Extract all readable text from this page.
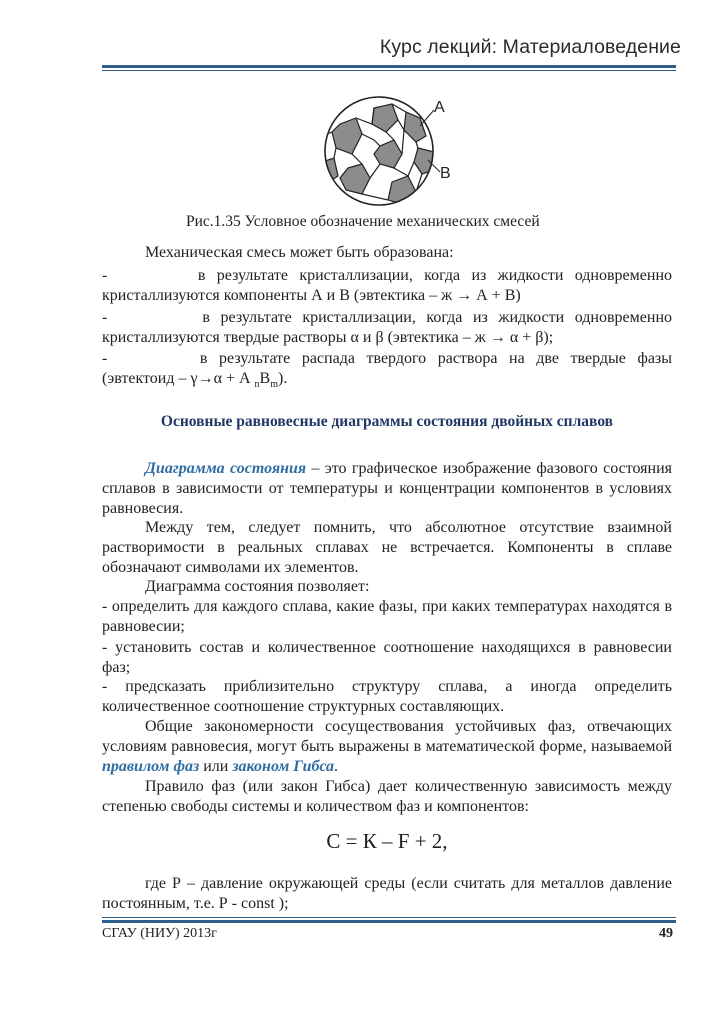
Курс лекций: Материаловедение
A
B
Рис.1.35 Условное обозначение механических смесей
Механическая смесь может быть образована:
-        в результате кристаллизации, когда из жидкости одновременно
кристаллизуются компоненты А и В (эвтектика – ж → А + В)
-         в результате кристаллизации, когда из жидкости одновременно
кристаллизуются твердые растворы α и β (эвтектика – ж → α + β);
-        в результате распада твердого раствора на две твердые фазы
(эвтектоид – γ→α + А $_nВ_m$).
Основные равновесные диаграммы состояния двойных сплавов

Диаграмма состояния – это графическое изображение фазового состояния сплавов в зависимости от температуры и концентрации компонентов в условиях равновесия.

Между тем, следует помнить, что абсолютное отсутствие взаимной растворимости в реальных сплавах не встречается. Компоненты в сплаве обозначают символами их элементов.

Диаграмма состояния позволяет:

- определить для каждого сплава, какие фазы, при каких температурах находятся в равновесии;

- установить состав и количественное соотношение находящихся в равновесии фаз;

- предсказать приблизительно структуру сплава, а иногда определить количественное соотношение структурных составляющих.

Общие закономерности сосуществования устойчивых фаз, отвечающих условиям равновесия, могут быть выражены в математической форме, называемой правилом фаз или законом Гибса.

Правило фаз (или закон Гибса) дает количественную зависимость между степенью свободы системы и количеством фаз и компонентов:

С = К – F + 2,

где Р – давление окружающей среды (если считать для металлов давление постоянным, т.е. Р - const );

СГАУ (НИУ) 2013г	49
